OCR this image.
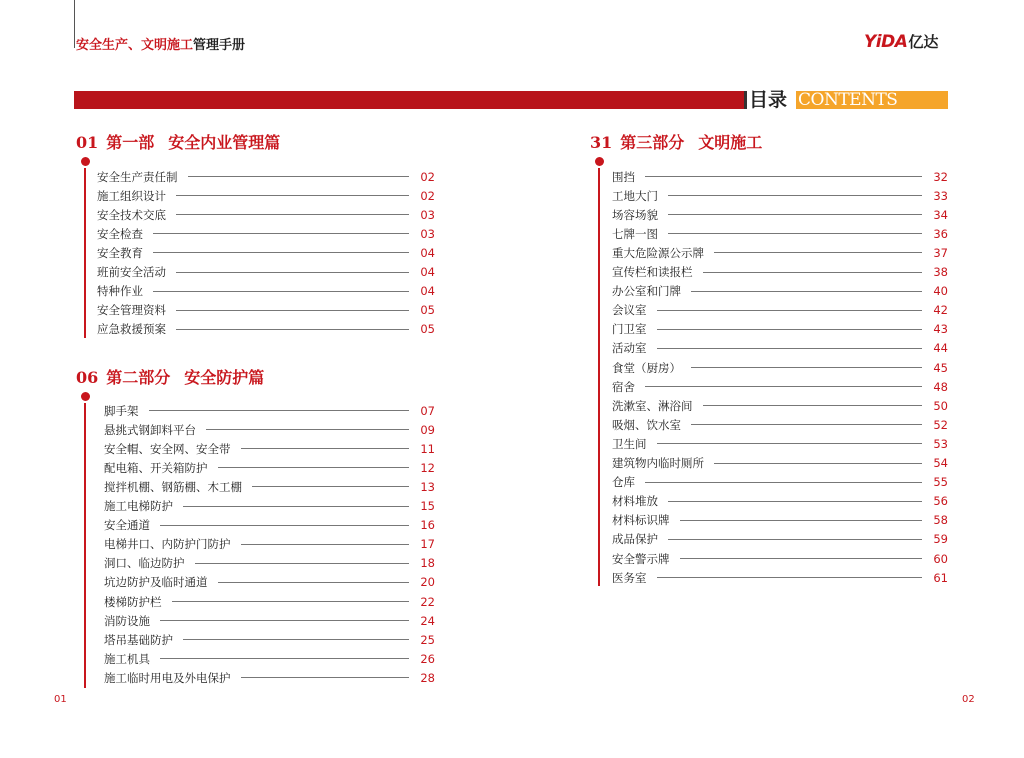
安全生产、文明施工管理手册	YiDA 亿达
目录 CONTENTS
01 第一部 安全内业管理篇
安全生产责任制	02
施工组织设计	02
安全技术交底	03
安全检查	03
安全教育	04
班前安全活动	04
特种作业	04
安全管理资料	05
应急救援预案	05
06 第二部分 安全防护篇
脚手架	07
悬挑式钢卸料平台	09
安全帽、安全网、安全带	11
配电箱、开关箱防护	12
搅拌机棚、钢筋棚、木工棚	13
施工电梯防护	15
安全通道	16
电梯井口、内防护门防护	17
洞口、临边防护	18
坑边防护及临时通道	20
楼梯防护栏	22
消防设施	24
塔吊基础防护	25
施工机具	26
施工临时用电及外电保护	28
31 第三部分 文明施工
围挡	32
工地大门	33
场容场貌	34
七牌一图	36
重大危险源公示牌	37
宣传栏和读报栏	38
办公室和门牌	40
会议室	42
门卫室	43
活动室	44
食堂（厨房）	45
宿舍	48
洗漱室、淋浴间	50
吸烟、饮水室	52
卫生间	53
建筑物内临时厕所	54
仓库	55
材料堆放	56
材料标识牌	58
成品保护	59
安全警示牌	60
医务室	61
01	02
